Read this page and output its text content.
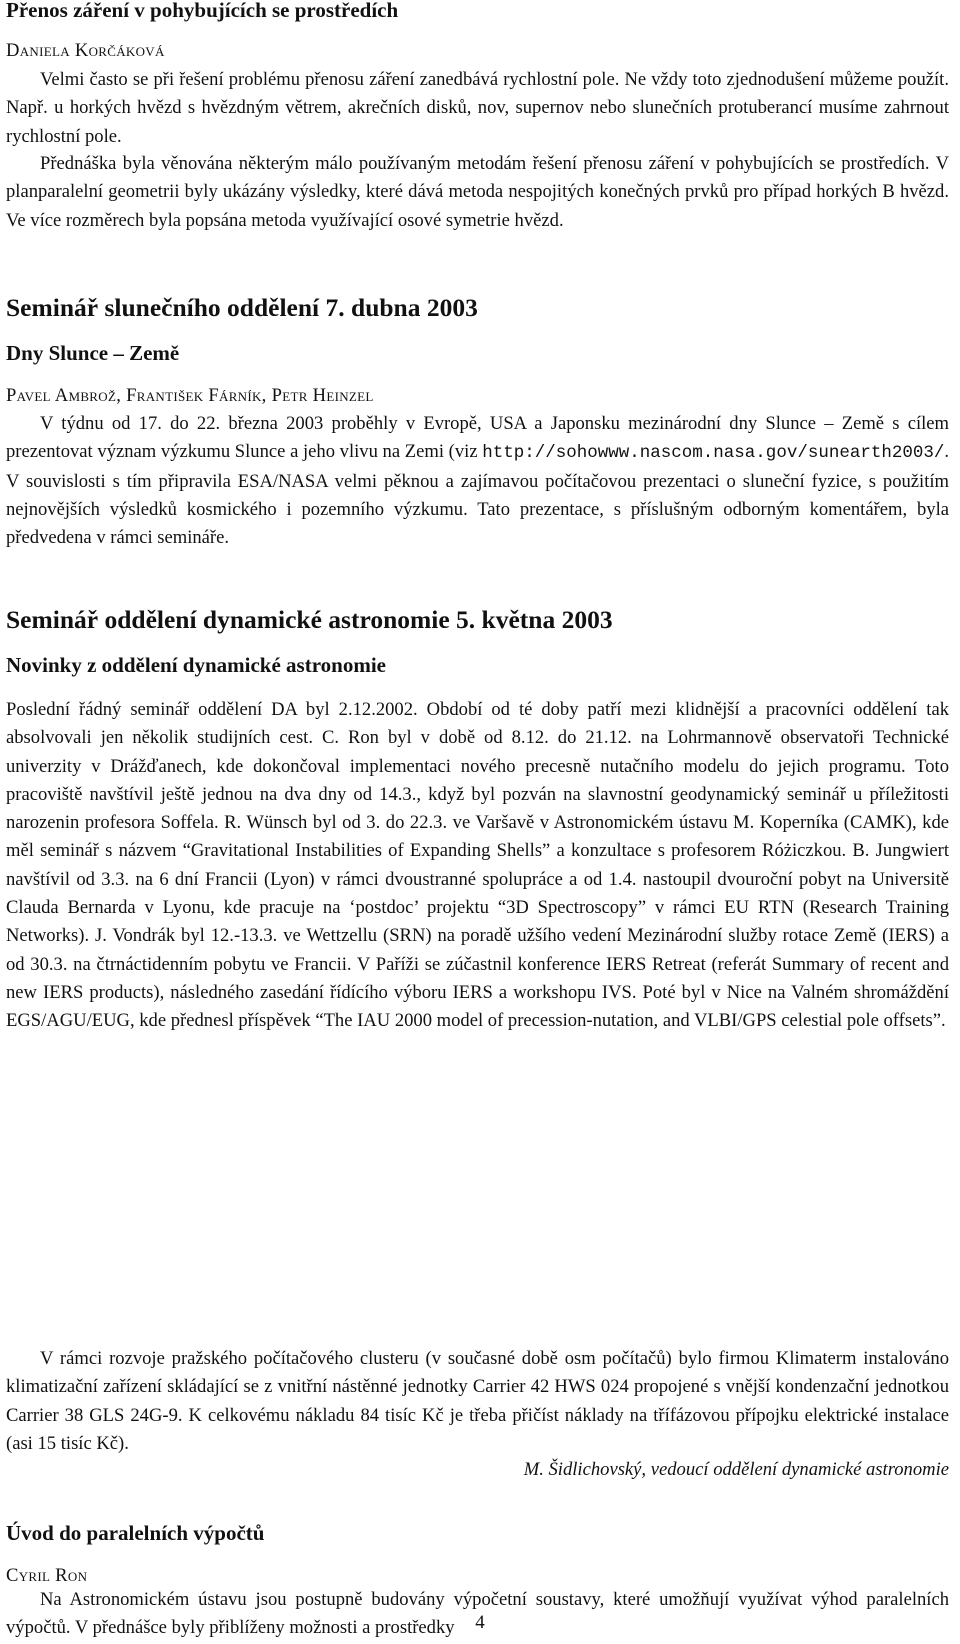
Přenos záření v pohybujících se prostředích
Daniela Korčáková

Velmi často se při řešení problému přenosu záření zanedbává rychlostní pole. Ne vždy toto zjednodušení můžeme použít. Např. u horkých hvězd s hvězdným větrem, akrečních disků, nov, supernov nebo slunečních protuberancí musíme zahrnout rychlostní pole.

Přednáška byla věnována některým málo používaným metodám řešení přenosu záření v pohybujících se prostředích. V planparalelní geometrii byly ukázány výsledky, které dává metoda nespojitých konečných prvků pro případ horkých B hvězd. Ve více rozměrech byla popsána metoda využívající osové symetrie hvězd.

Seminář slunečního oddělení 7. dubna 2003
Dny Slunce – Země
Pavel Ambrož, František Fárník, Petr Heinzel

V týdnu od 17. do 22. března 2003 proběhly v Evropě, USA a Japonsku mezinárodní dny Slunce – Země s cílem prezentovat význam výzkumu Slunce a jeho vlivu na Zemi (viz http://sohowww.nascom.nasa.gov/sunearth2003/. V souvislosti s tím připravila ESA/NASA velmi pěknou a zajímavou počítačovou prezentaci o sluneční fyzice, s použitím nejnovějších výsledků kosmického i pozemního výzkumu. Tato prezentace, s příslušným odborným komentářem, byla předvedena v rámci semináře.

Seminář oddělení dynamické astronomie 5. května 2003
Novinky z oddělení dynamické astronomie

Poslední řádný seminář oddělení DA byl 2.12.2002. Období od té doby patří mezi klidnější a pracovníci oddělení tak absolvovali jen několik studijních cest. C. Ron byl v době od 8.12. do 21.12. na Lohrmannově observatoři Technické univerzity v Drážďanech, kde dokončoval implementaci nového precesně nutačního modelu do jejich programu. Toto pracoviště navštívil ještě jednou na dva dny od 14.3., když byl pozván na slavnostní geodynamický seminář u příležitosti narozenin profesora Soffela. R. Wünsch byl od 3. do 22.3. ve Varšavě v Astronomickém ústavu M. Koperníka (CAMK), kde měl seminář s názvem “Gravitational Instabilities of Expanding Shells” a konzultace s profesorem Różiczkou. B. Jungwiert navštívil od 3.3. na 6 dní Francii (Lyon) v rámci dvoustranné spolupráce a od 1.4. nastoupil dvouroční pobyt na Universitě Clauda Bernarda v Lyonu, kde pracuje na ‘postdoc’ projektu “3D Spectroscopy” v rámci EU RTN (Research Training Networks). J. Vondrák byl 12.-13.3. ve Wettzellu (SRN) na poradě užšího vedení Mezinárodní služby rotace Země (IERS) a od 30.3. na čtrnáctidenním pobytu ve Francii. V Paříži se zúčastnil konference IERS Retreat (referát Summary of recent and new IERS products), následného zasedání řídícího výboru IERS a workshopu IVS. Poté byl v Nice na Valném shromáždění EGS/AGU/EUG, kde přednesl příspěvek “The IAU 2000 model of precession-nutation, and VLBI/GPS celestial pole offsets”.

V rámci rozvoje pražského počítačového clusteru (v současné době osm počítačů) bylo firmou Klimaterm instalováno klimatizační zařízení skládající se z vnitřní nástěnné jednotky Carrier 42 HWS 024 propojené s vnější kondenzační jednotkou Carrier 38 GLS 24G-9. K celkovému nákladu 84 tisíc Kč je třeba přičíst náklady na třífázovou přípojku elektrické instalace (asi 15 tisíc Kč).

M. Šidlichovský, vedoucí oddělení dynamické astronomie

Úvod do paralelních výpočtů
Cyril Ron

Na Astronomickém ústavu jsou postupně budovány výpočetní soustavy, které umožňují využívat výhod paralelních výpočtů. V přednášce byly přiblíženy možnosti a prostředky	4
